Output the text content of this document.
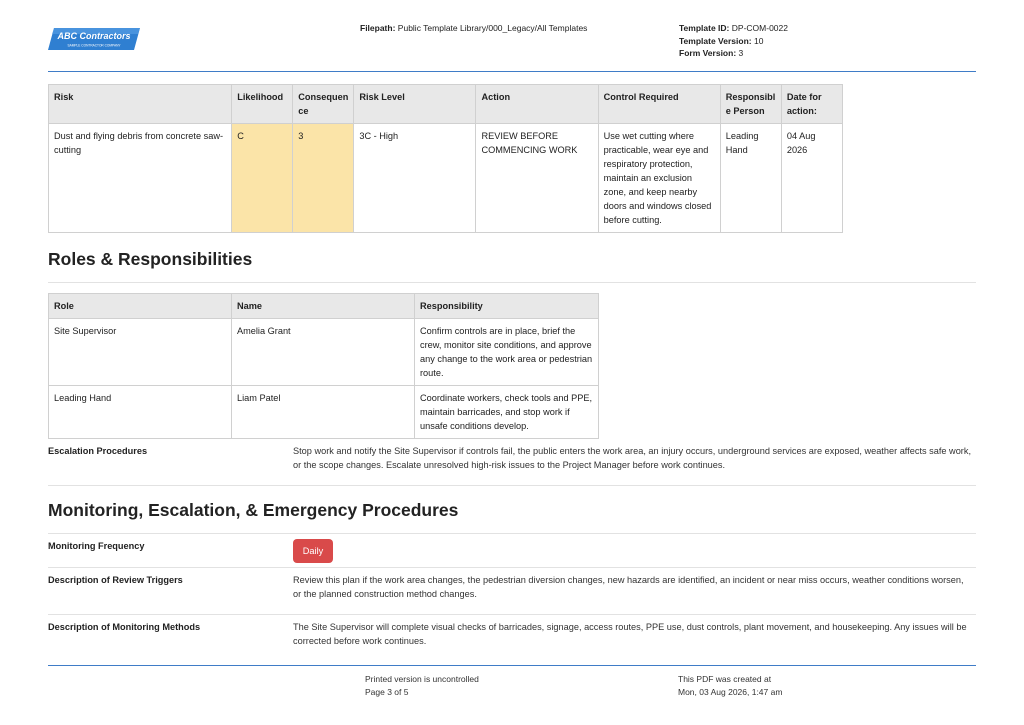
ABC Contractors
SAMPLE CONTRACTOR COMPANY
Filepath: Public Template Library/000_Legacy/All Templates	Template ID: DP-COM-0022
Template Version: 10
Form Version: 3
Risk	Likelihood	Consequen ce	Risk Level	Action	Control Required	Responsibl e Person	Date for action:
Dust and flying debris from concrete saw-cutting	C	3	3C - High	REVIEW BEFORE COMMENCING WORK	Use wet cutting where practicable, wear eye and respiratory protection, maintain an exclusion zone, and keep nearby doors and windows closed before cutting.	Leading Hand	04 Aug 2026
Roles & Responsibilities
Role	Name	Responsibility
Site Supervisor	Amelia Grant	Confirm controls are in place, brief the crew, monitor site conditions, and approve any change to the work area or pedestrian route.
Leading Hand	Liam Patel	Coordinate workers, check tools and PPE, maintain barricades, and stop work if unsafe conditions develop.
Escalation Procedures	Stop work and notify the Site Supervisor if controls fail, the public enters the work area, an injury occurs, underground services are exposed, weather affects safe work, or the scope changes. Escalate unresolved high-risk issues to the Project Manager before work continues.
Monitoring, Escalation, & Emergency Procedures
Monitoring Frequency	Daily
Description of Review Triggers	Review this plan if the work area changes, the pedestrian diversion changes, new hazards are identified, an incident or near miss occurs, weather conditions worsen, or the planned construction method changes.
Description of Monitoring Methods	The Site Supervisor will complete visual checks of barricades, signage, access routes, PPE use, dust controls, plant movement, and housekeeping. Any issues will be corrected before work continues.
Printed version is uncontrolled
Page 3 of 5
This PDF was created at
Mon, 03 Aug 2026, 1:47 am
